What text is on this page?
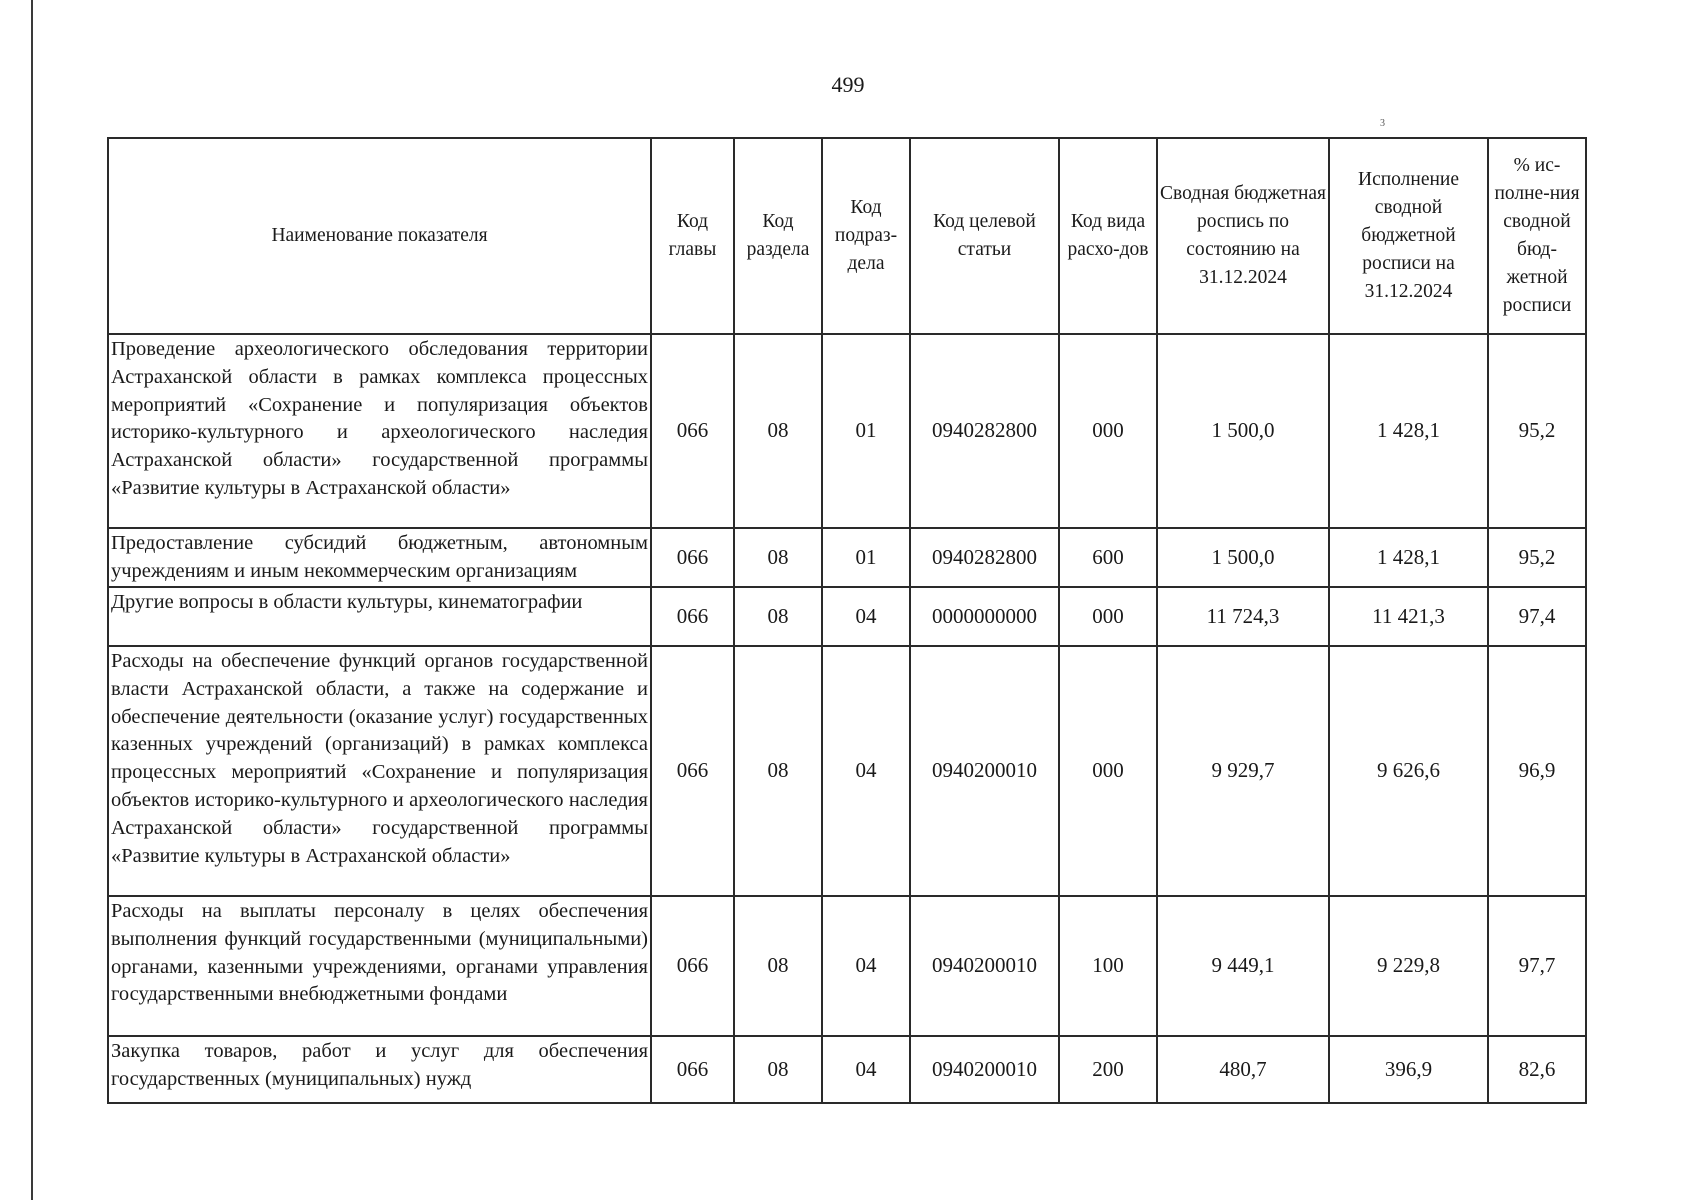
499
3
Наименование показателя	Код главы	Код раздела	Код подраз-дела	Код целевой статьи	Код вида расхо-дов	Сводная бюджетная роспись по состоянию на 31.12.2024	Исполнение сводной бюджетной росписи на 31.12.2024	% ис-полне-ния сводной бюд-жетной росписи
Проведение археологического обследования территории Астраханской области в рамках комплекса процессных мероприятий «Сохранение и популяризация объектов историко-культурного и археологического наследия Астраханской области» государственной программы «Развитие культуры в Астраханской области»	066	08	01	0940282800	000	1 500,0	1 428,1	95,2
Предоставление субсидий бюджетным, автономным учреждениям и иным некоммерческим организациям	066	08	01	0940282800	600	1 500,0	1 428,1	95,2
Другие вопросы в области культуры, кинематографии	066	08	04	0000000000	000	11 724,3	11 421,3	97,4
Расходы на обеспечение функций органов государственной власти Астраханской области, а также на содержание и обеспечение деятельности (оказание услуг) государственных казенных учреждений (организаций) в рамках комплекса процессных мероприятий «Сохранение и популяризация объектов историко-культурного и археологического наследия Астраханской области» государственной программы «Развитие культуры в Астраханской области»	066	08	04	0940200010	000	9 929,7	9 626,6	96,9
Расходы на выплаты персоналу в целях обеспечения выполнения функций государственными (муниципальными) органами, казенными учреждениями, органами управления государственными внебюджетными фондами	066	08	04	0940200010	100	9 449,1	9 229,8	97,7
Закупка товаров, работ и услуг для обеспечения государственных (муниципальных) нужд	066	08	04	0940200010	200	480,7	396,9	82,6
